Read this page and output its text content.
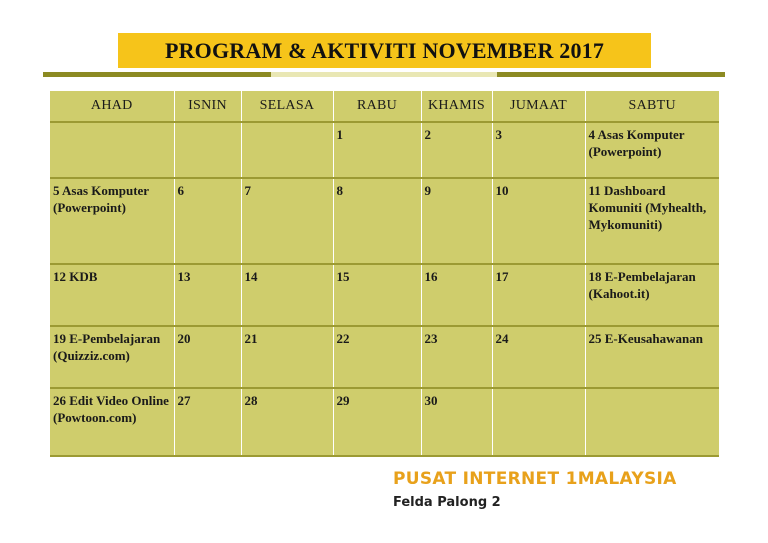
PROGRAM & AKTIVITI NOVEMBER 2017
AHAD	ISNIN	SELASA	RABU	KHAMIS	JUMAAT	SABTU
			1	2	3	4 Asas Komputer (Powerpoint)
5 Asas Komputer (Powerpoint)	6	7	8	9	10	11 Dashboard Komuniti (Myhealth, Mykomuniti)
12 KDB	13	14	15	16	17	18 E-Pembelajaran (Kahoot.it)
19 E-Pembelajaran (Quizziz.com)	20	21	22	23	24	25 E-Keusahawanan
26 Edit Video Online (Powtoon.com)	27	28	29	30		
PUSAT INTERNET 1MALAYSIA
Felda Palong 2
